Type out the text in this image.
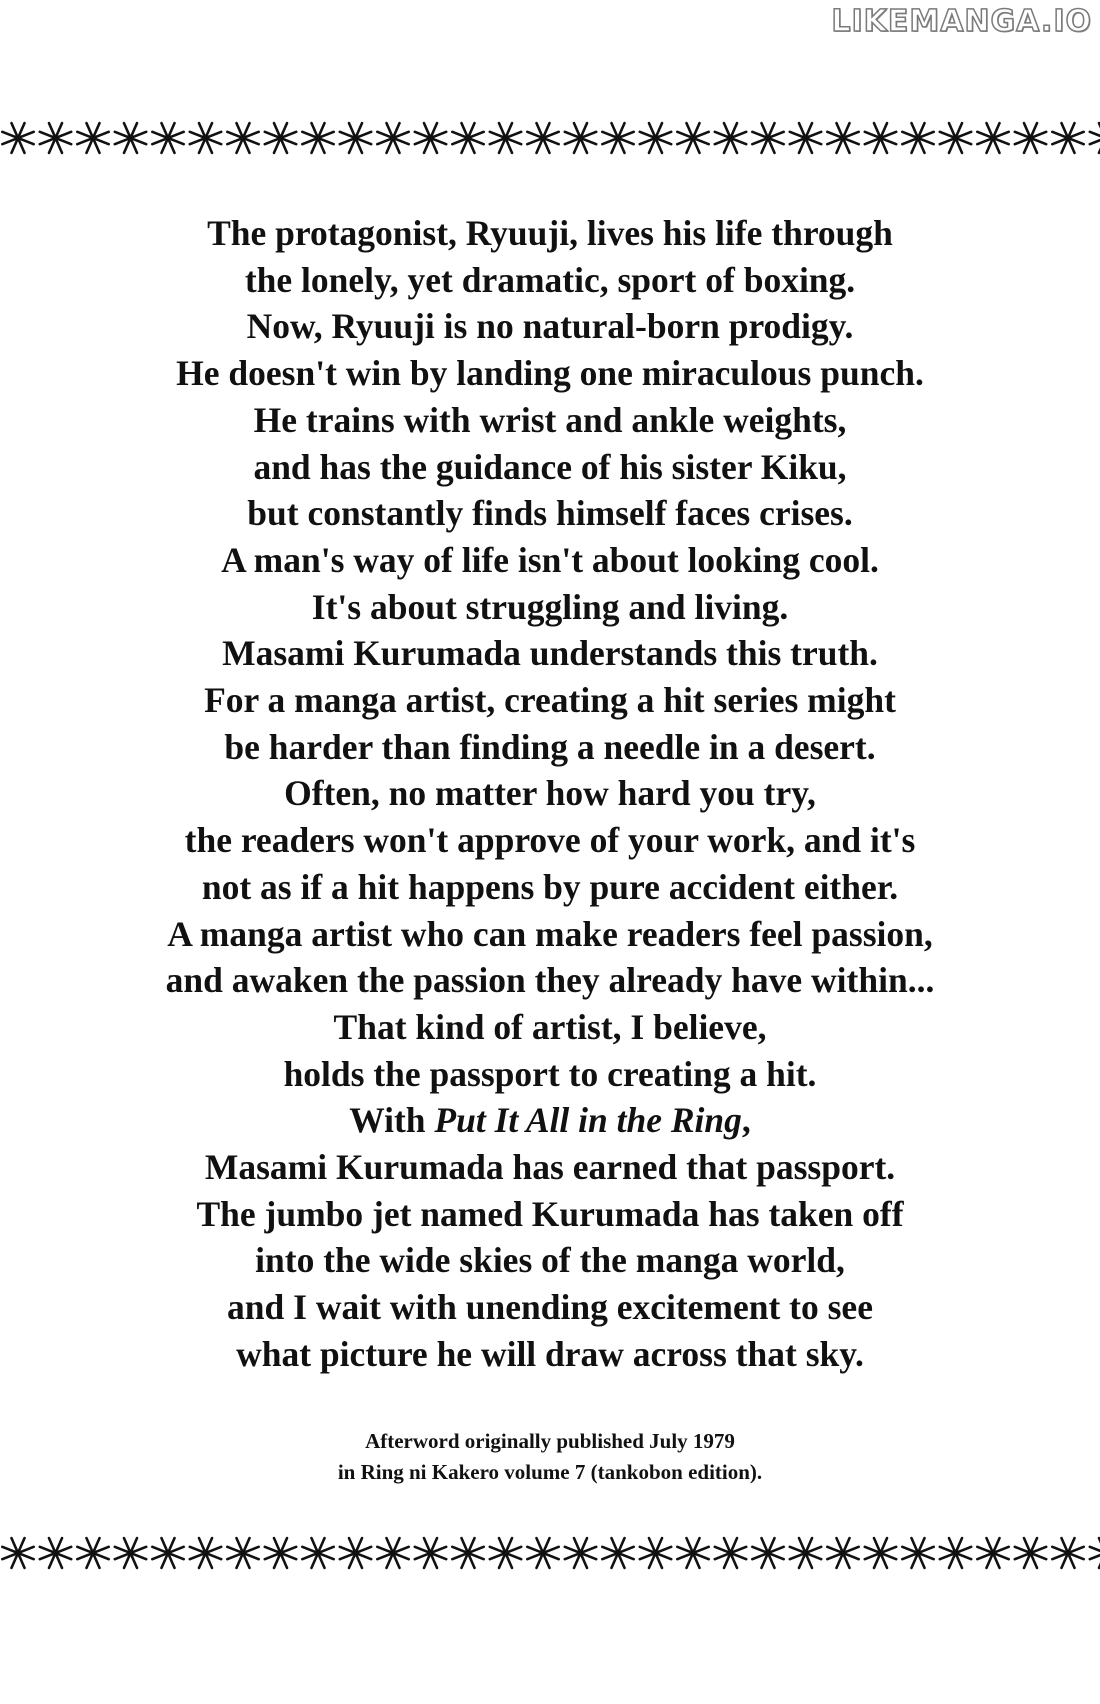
LIKEMANGA.IO
The protagonist, Ryuuji, lives his life through
the lonely, yet dramatic, sport of boxing.
Now, Ryuuji is no natural-born prodigy.
He doesn't win by landing one miraculous punch.
He trains with wrist and ankle weights,
and has the guidance of his sister Kiku,
but constantly finds himself faces crises.
A man's way of life isn't about looking cool.
It's about struggling and living.
Masami Kurumada understands this truth.
For a manga artist, creating a hit series might
be harder than finding a needle in a desert.
Often, no matter how hard you try,
the readers won't approve of your work, and it's
not as if a hit happens by pure accident either.
A manga artist who can make readers feel passion,
and awaken the passion they already have within...
That kind of artist, I believe,
holds the passport to creating a hit.
With Put It All in the Ring,
Masami Kurumada has earned that passport.
The jumbo jet named Kurumada has taken off
into the wide skies of the manga world,
and I wait with unending excitement to see
what picture he will draw across that sky.
Afterword originally published July 1979
in Ring ni Kakero volume 7 (tankobon edition).
